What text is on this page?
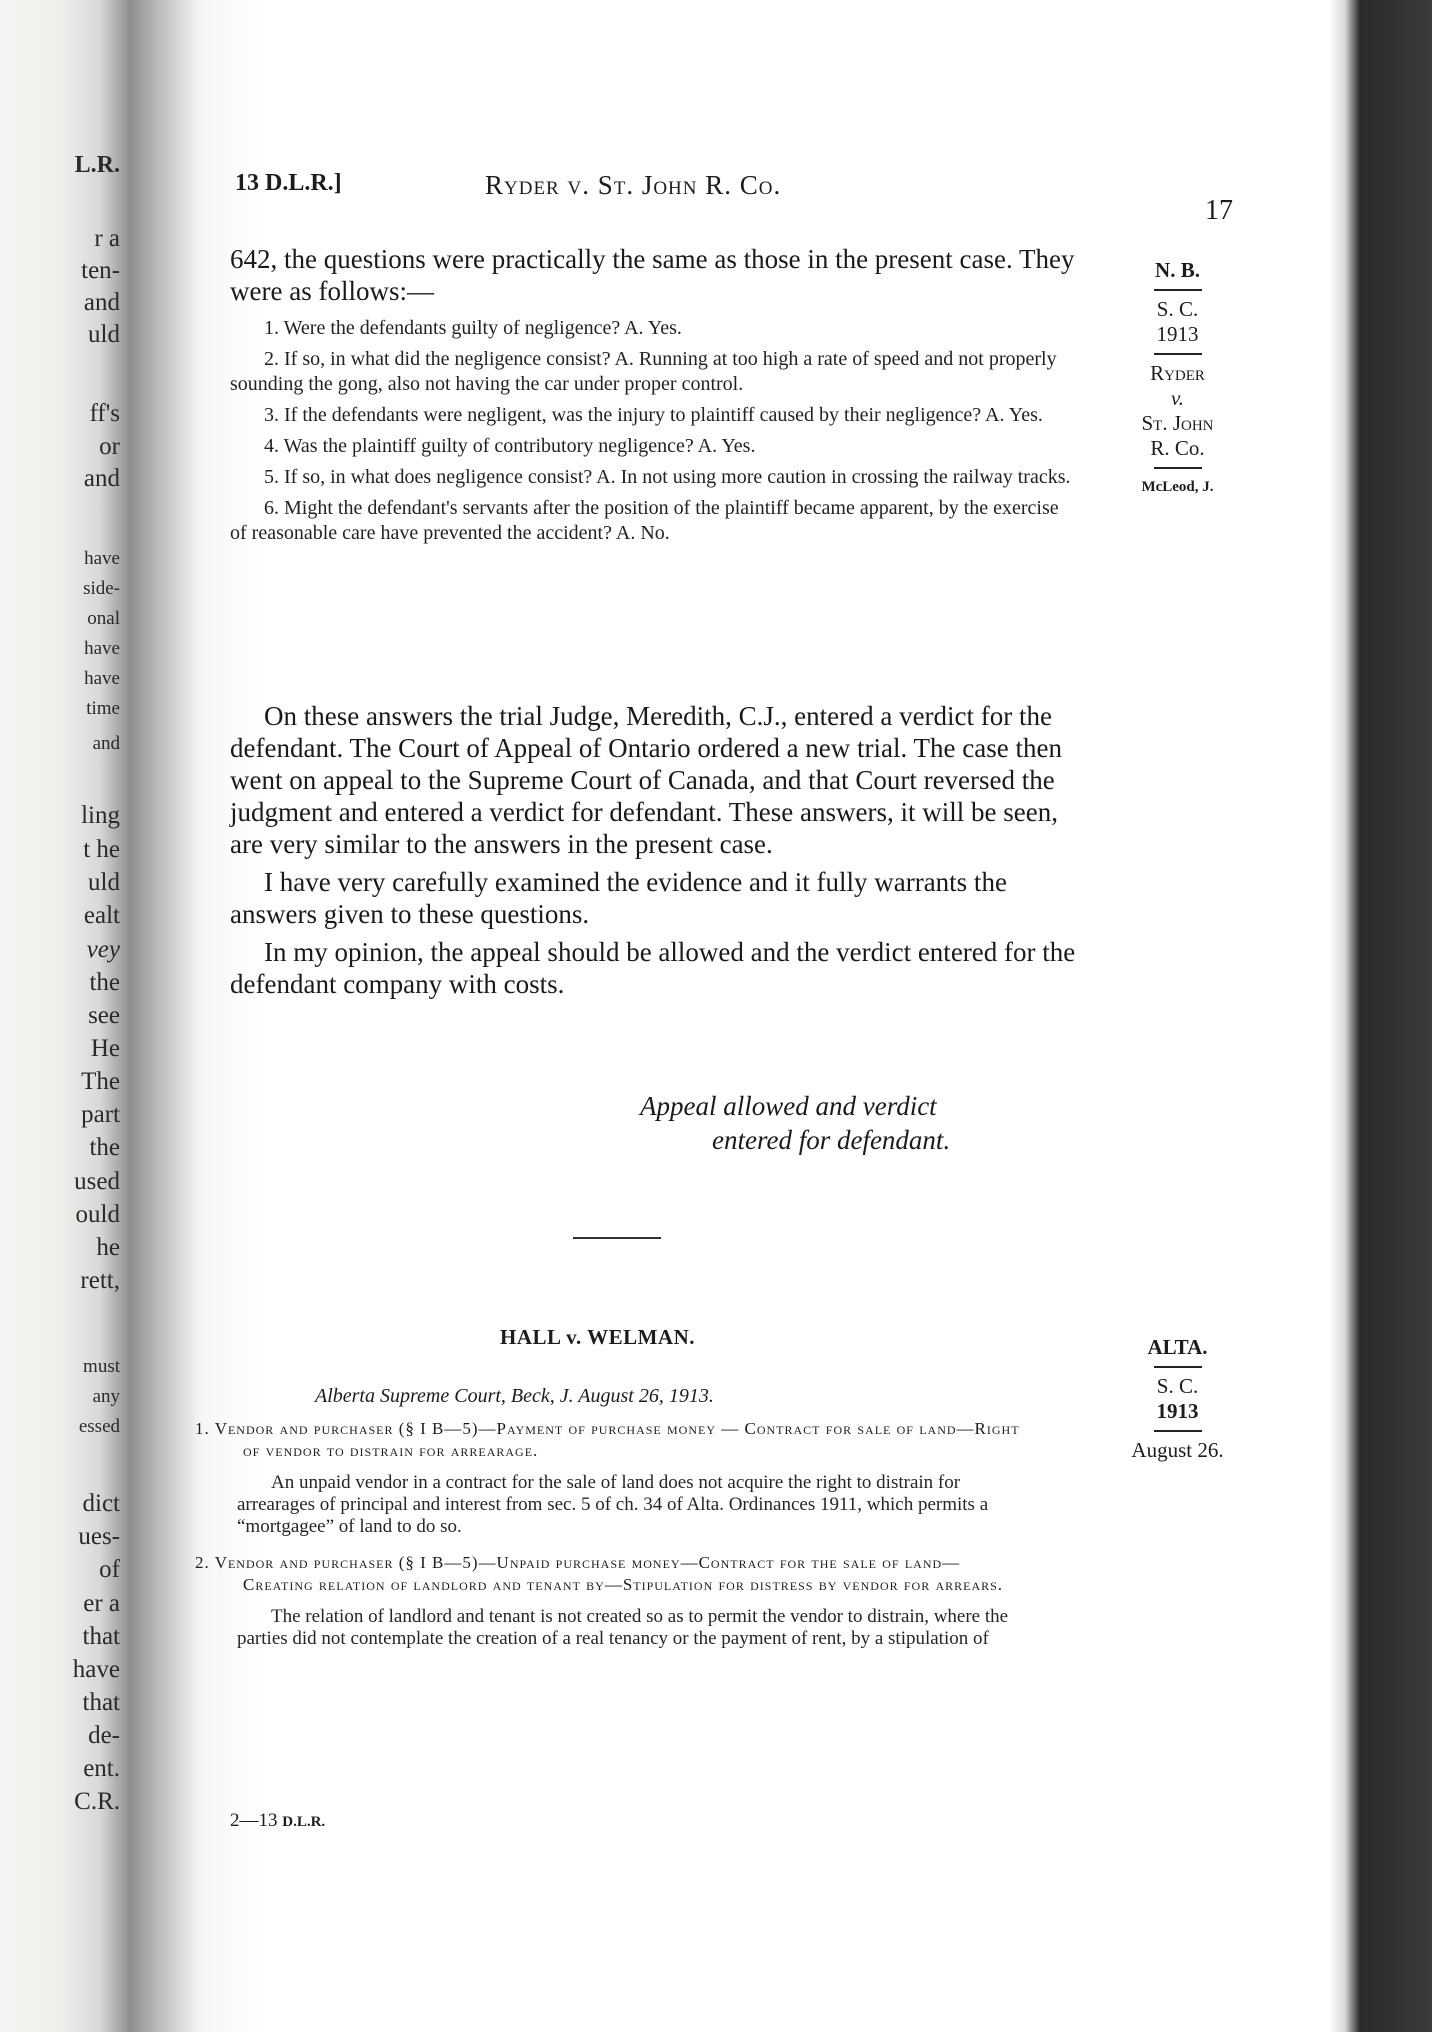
L.R.
r a
ten-
and
uld
ff's
or
and
have
side-
onal
have
have
time
and
ling
t he
uld
ealt
vey
the
see
He
The
part
the
used
ould
he
rett,
must
any
essed
dict
ues-
of
er a
that
have
that
de-
ent.
C.R.
13 D.L.R.]	Ryder v. St. John R. Co.
17
N. B.
S. C.
1913
Ryder
v.
St. John
R. Co.
McLeod, J.
642, the questions were practically the same as those in the present case. They were as follows:—

1. Were the defendants guilty of negligence? A. Yes.

2. If so, in what did the negligence consist? A. Running at too high a rate of speed and not properly sounding the gong, also not having the car under proper control.

3. If the defendants were negligent, was the injury to plaintiff caused by their negligence? A. Yes.

4. Was the plaintiff guilty of contributory negligence? A. Yes.

5. If so, in what does negligence consist? A. In not using more caution in crossing the railway tracks.

6. Might the defendant's servants after the position of the plaintiff became apparent, by the exercise of reasonable care have prevented the accident? A. No.

On these answers the trial Judge, Meredith, C.J., entered a verdict for the defendant. The Court of Appeal of Ontario ordered a new trial. The case then went on appeal to the Supreme Court of Canada, and that Court reversed the judgment and entered a verdict for defendant. These answers, it will be seen, are very similar to the answers in the present case.

I have very carefully examined the evidence and it fully warrants the answers given to these questions.

In my opinion, the appeal should be allowed and the verdict entered for the defendant company with costs.

Appeal allowed and verdict
entered for defendant.
HALL v. WELMAN.
Alberta Supreme Court, Beck, J. August 26, 1913.
ALTA.
S. C.
1913
August 26.

1. Vendor and purchaser (§ I B—5)—Payment of purchase money — Contract for sale of land—Right of vendor to distrain for arrearage.

An unpaid vendor in a contract for the sale of land does not acquire the right to distrain for arrearages of principal and interest from sec. 5 of ch. 34 of Alta. Ordinances 1911, which permits a “mortgagee” of land to do so.

2. Vendor and purchaser (§ I B—5)—Unpaid purchase money—Contract for the sale of land—Creating relation of landlord and tenant by—Stipulation for distress by vendor for arrears.

The relation of landlord and tenant is not created so as to permit the vendor to distrain, where the parties did not contemplate the creation of a real tenancy or the payment of rent, by a stipulation of

2—13 D.L.R.
